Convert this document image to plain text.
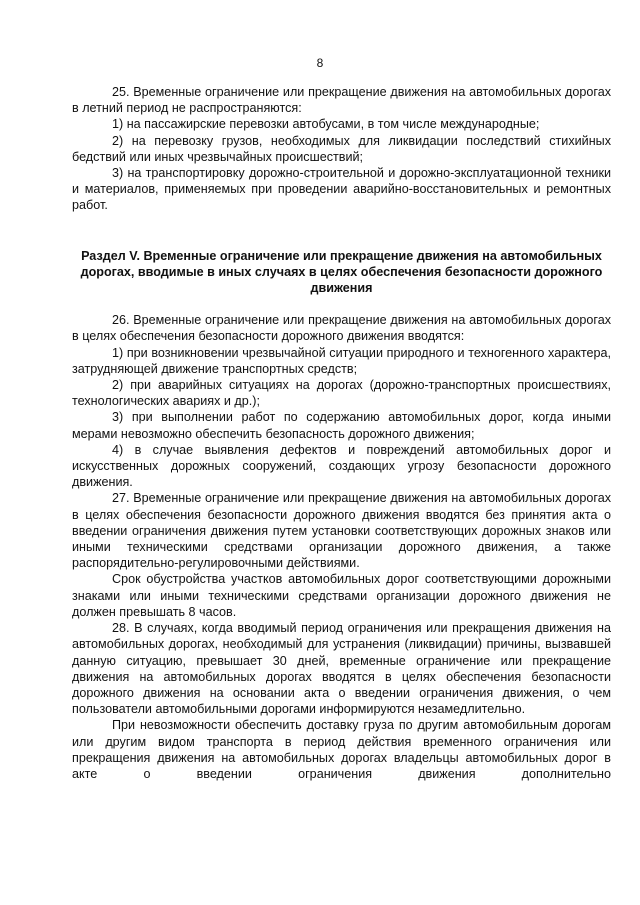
8

25. Временные ограничение или прекращение движения на автомобильных дорогах в летний период не распространяются:

1) на пассажирские перевозки автобусами, в том числе международные;

2) на перевозку грузов, необходимых для ликвидации последствий стихийных бедствий или иных чрезвычайных происшествий;

3) на транспортировку дорожно-строительной и дорожно-эксплуатационной техники и материалов, применяемых при проведении аварийно-восстановительных и ремонтных работ.

Раздел V. Временные ограничение или прекращение движения на автомобильных дорогах, вводимые в иных случаях в целях обеспечения безопасности дорожного движения

26. Временные ограничение или прекращение движения на автомобильных дорогах в целях обеспечения безопасности дорожного движения вводятся:

1) при возникновении чрезвычайной ситуации природного и техногенного характера, затрудняющей движение транспортных средств;

2) при аварийных ситуациях на дорогах (дорожно-транспортных происшествиях, технологических авариях и др.);

3) при выполнении работ по содержанию автомобильных дорог, когда иными мерами невозможно обеспечить безопасность дорожного движения;

4) в случае выявления дефектов и повреждений автомобильных дорог и искусственных дорожных сооружений, создающих угрозу безопасности дорожного движения.

27. Временные ограничение или прекращение движения на автомобильных дорогах в целях обеспечения безопасности дорожного движения вводятся без принятия акта о введении ограничения движения путем установки соответствующих дорожных знаков или иными техническими средствами организации дорожного движения, а также распорядительно-регулировочными действиями.

Срок обустройства участков автомобильных дорог соответствующими дорожными знаками или иными техническими средствами организации дорожного движения не должен превышать 8 часов.

28. В случаях, когда вводимый период ограничения или прекращения движения на автомобильных дорогах, необходимый для устранения (ликвидации) причины, вызвавшей данную ситуацию, превышает 30 дней, временные ограничение или прекращение движения на автомобильных дорогах вводятся в целях обеспечения безопасности дорожного движения на основании акта о введении ограничения движения, о чем пользователи автомобильными дорогами информируются незамедлительно.

При невозможности обеспечить доставку груза по другим автомобильным дорогам или другим видом транспорта в период действия временного ограничения или прекращения движения на автомобильных дорогах владельцы автомобильных дорог в акте о введении ограничения движения дополнительно
